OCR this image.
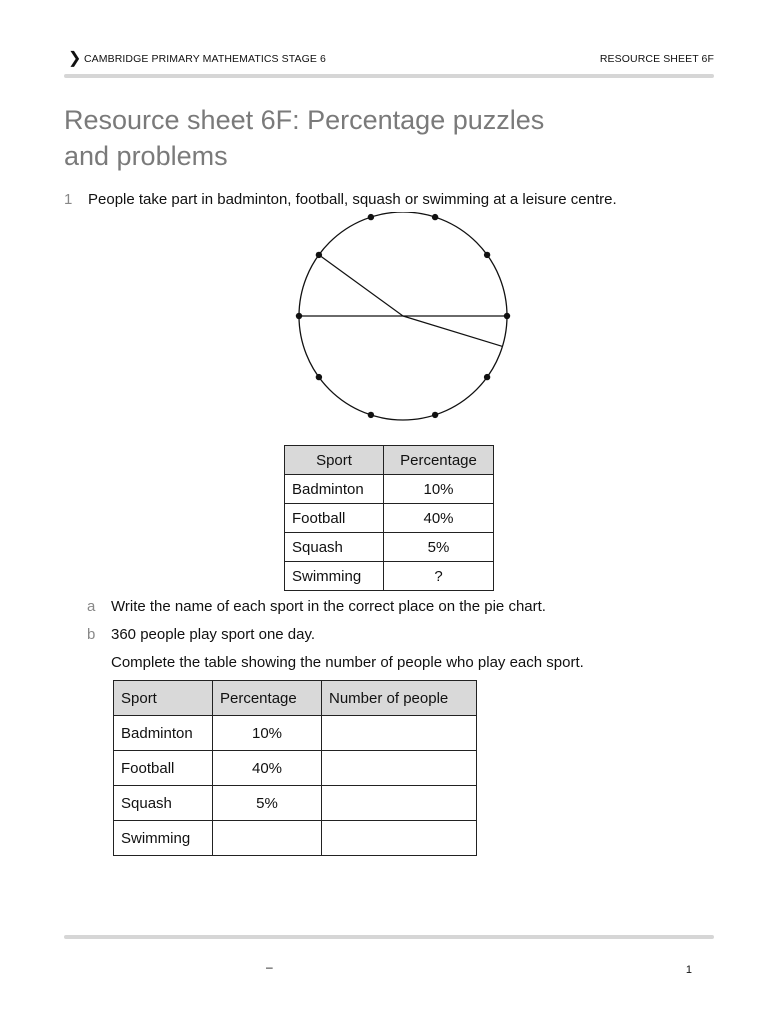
❯ CAMBRIDGE PRIMARY MATHEMATICS STAGE 6	RESOURCE SHEET 6F
Resource sheet 6F: Percentage puzzles
and problems
1 People take part in badminton, football, squash or swimming at a leisure centre.
Sport	Percentage
Badminton	10%
Football	40%
Squash	5%
Swimming	?
a Write the name of each sport in the correct place on the pie chart.
b 360 people play sport one day.
Complete the table showing the number of people who play each sport.
Sport	Percentage	Number of people
Badminton	10%	
Football	40%	
Squash	5%	
Swimming		
–	1
